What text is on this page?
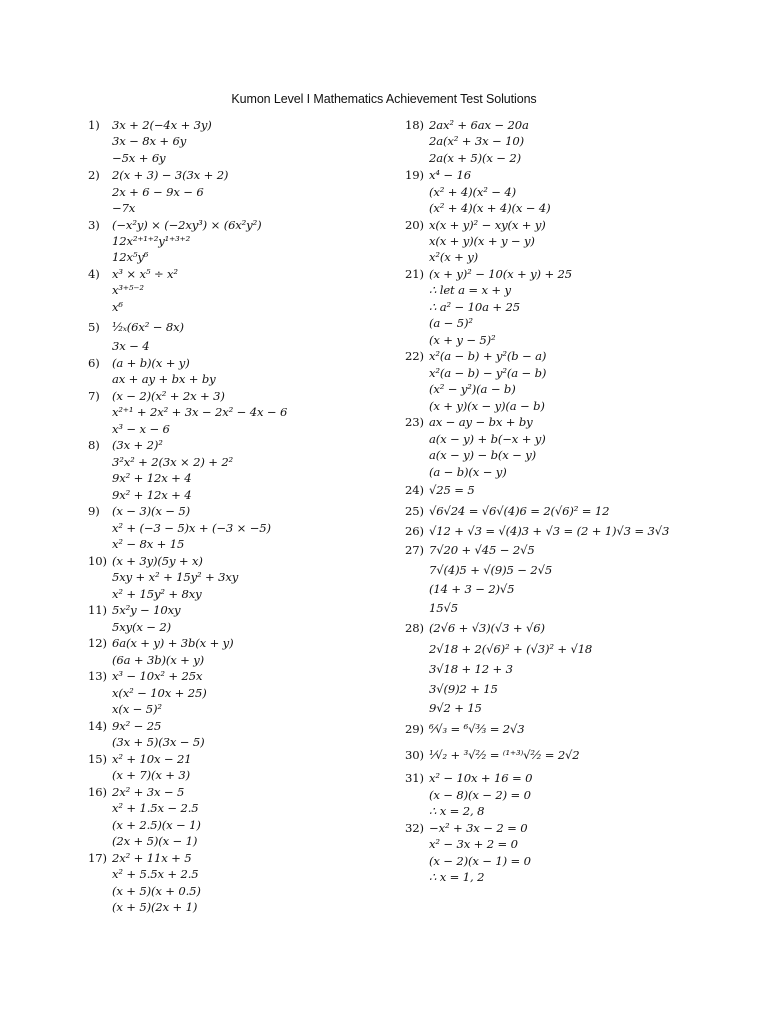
Kumon Level I Mathematics Achievement Test Solutions
1) 3x + 2(−4x + 3y)
3x − 8x + 6y
−5x + 6y
2) 2(x + 3) − 3(3x + 2)
2x + 6 − 9x − 6
−7x
3) (−x²y) × (−2xy³) × (6x²y²)
12x²⁺¹⁺²y¹⁺³⁺²
12x⁵y⁶
4) x³ × x⁵ ÷ x²
x³⁺⁵⁻²
x⁶
5) ¹⁄₂ₓ(6x² − 8x)
3x − 4
6) (a + b)(x + y)
ax + ay + bx + by
7) (x − 2)(x² + 2x + 3)
x²⁺¹ + 2x² + 3x − 2x² − 4x − 6
x³ − x − 6
8) (3x + 2)²
3²x² + 2(3x × 2) + 2²
9x² + 12x + 4
9x² + 12x + 4
9) (x − 3)(x − 5)
x² + (−3 − 5)x + (−3 × −5)
x² − 8x + 15
10) (x + 3y)(5y + x)
5xy + x² + 15y² + 3xy
x² + 15y² + 8xy
11) 5x²y − 10xy
5xy(x − 2)
12) 6a(x + y) + 3b(x + y)
(6a + 3b)(x + y)
13) x³ − 10x² + 25x
x(x² − 10x + 25)
x(x − 5)²
14) 9x² − 25
(3x + 5)(3x − 5)
15) x² + 10x − 21
(x + 7)(x + 3)
16) 2x² + 3x − 5
x² + 1.5x − 2.5
(x + 2.5)(x − 1)
(2x + 5)(x − 1)
17) 2x² + 11x + 5
x² + 5.5x + 2.5
(x + 5)(x + 0.5)
(x + 5)(2x + 1)
18) 2ax² + 6ax − 20a
2a(x² + 3x − 10)
2a(x + 5)(x − 2)
19) x⁴ − 16
(x² + 4)(x² − 4)
(x² + 4)(x + 4)(x − 4)
20) x(x + y)² − xy(x + y)
x(x + y)(x + y − y)
x²(x + y)
21) (x + y)² − 10(x + y) + 25
∴ let a = x + y
∴ a² − 10a + 25
(a − 5)²
(x + y − 5)²
22) x²(a − b) + y²(b − a)
x²(a − b) − y²(a − b)
(x² − y²)(a − b)
(x + y)(x − y)(a − b)
23) ax − ay − bx + by
a(x − y) + b(−x + y)
a(x − y) − b(x − y)
(a − b)(x − y)
24) √25 = 5
25) √6√24 = √6√(4)6 = 2(√6)² = 12
26) √12 + √3 = √(4)3 + √3 = (2 + 1)√3 = 3√3
27) 7√20 + √45 − 2√5
7√(4)5 + √(9)5 − 2√5
(14 + 3 − 2)√5
15√5
28) (2√6 + √3)(√3 + √6)
2√18 + 2(√6)² + (√3)² + √18
3√18 + 12 + 3
3√(9)2 + 15
9√2 + 15
29) ⁶⁄√₃ = ⁶√³⁄₃ = 2√3
30) ¹⁄√₂ + ³√²⁄₂ = ⁽¹⁺³⁾√²⁄₂ = 2√2
31) x² − 10x + 16 = 0
(x − 8)(x − 2) = 0
∴ x = 2, 8
32) −x² + 3x − 2 = 0
x² − 3x + 2 = 0
(x − 2)(x − 1) = 0
∴ x = 1, 2
